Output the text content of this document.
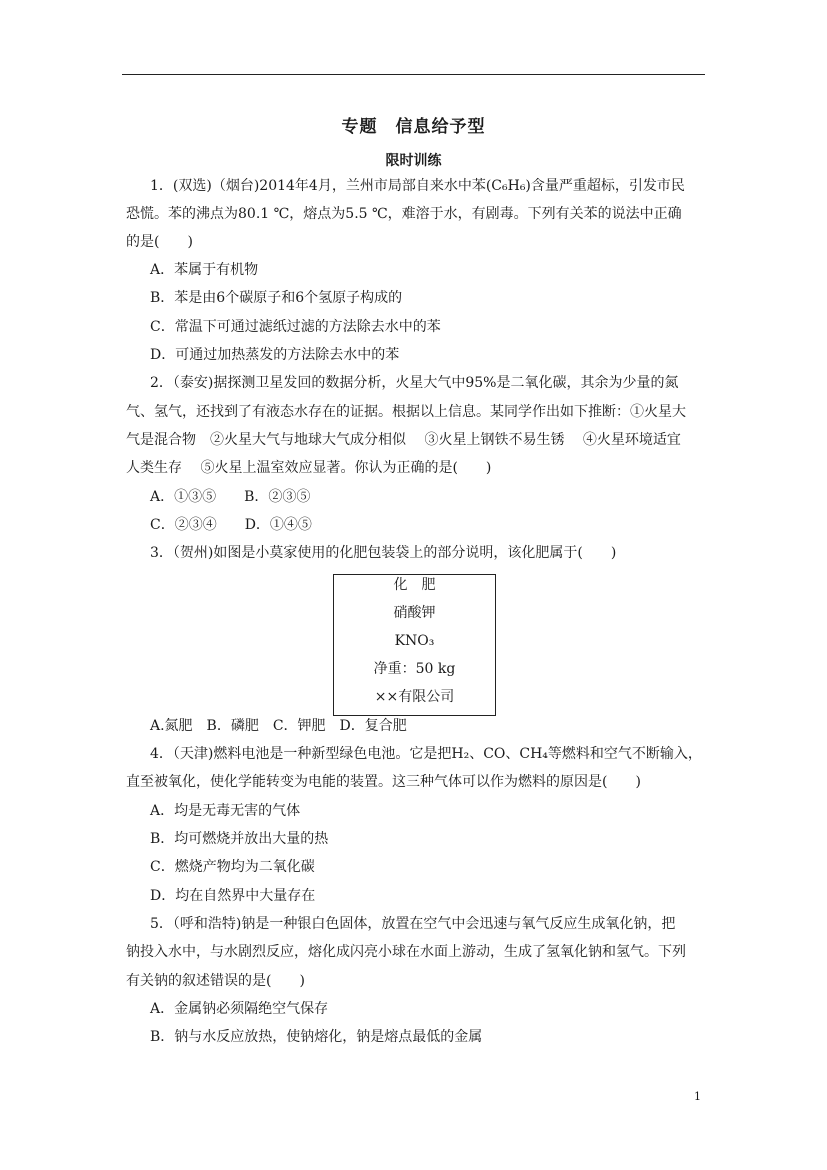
专题　信息给予型
限时训练
1．(双选)（烟台)2014年4月，兰州市局部自来水中苯(C₆H₆)含量严重超标，引发市民
恐慌。苯的沸点为80.1 ℃，熔点为5.5 ℃，难溶于水，有剧毒。下列有关苯的说法中正确
的是(　　)
A．苯属于有机物
B．苯是由6个碳原子和6个氢原子构成的
C．常温下可通过滤纸过滤的方法除去水中的苯
D．可通过加热蒸发的方法除去水中的苯
2．（泰安)据探测卫星发回的数据分析，火星大气中95%是二氧化碳，其余为少量的氮
气、氢气，还找到了有液态水存在的证据。根据以上信息。某同学作出如下推断：①火星大
气是混合物　②火星大气与地球大气成分相似　 ③火星上钢铁不易生锈　 ④火星环境适宜
人类生存　 ⑤火星上温室效应显著。你认为正确的是(　　)
A．①③⑤　　B．②③⑤
C．②③④　　D．①④⑤
3．（贺州)如图是小莫家使用的化肥包装袋上的部分说明，该化肥属于(　　)
化　肥
硝酸钾
KNO₃
净重：50 kg
××有限公司
A.氮肥　B．磷肥　C．钾肥　D．复合肥
4．（天津)燃料电池是一种新型绿色电池。它是把H₂、CO、CH₄等燃料和空气不断输入，
直至被氧化，使化学能转变为电能的装置。这三种气体可以作为燃料的原因是(　　)
A．均是无毒无害的气体
B．均可燃烧并放出大量的热
C．燃烧产物均为二氧化碳
D．均在自然界中大量存在
5．（呼和浩特)钠是一种银白色固体，放置在空气中会迅速与氧气反应生成氧化钠，把
钠投入水中，与水剧烈反应，熔化成闪亮小球在水面上游动，生成了氢氧化钠和氢气。下列
有关钠的叙述错误的是(　　)
A．金属钠必须隔绝空气保存
B．钠与水反应放热，使钠熔化，钠是熔点最低的金属
1
